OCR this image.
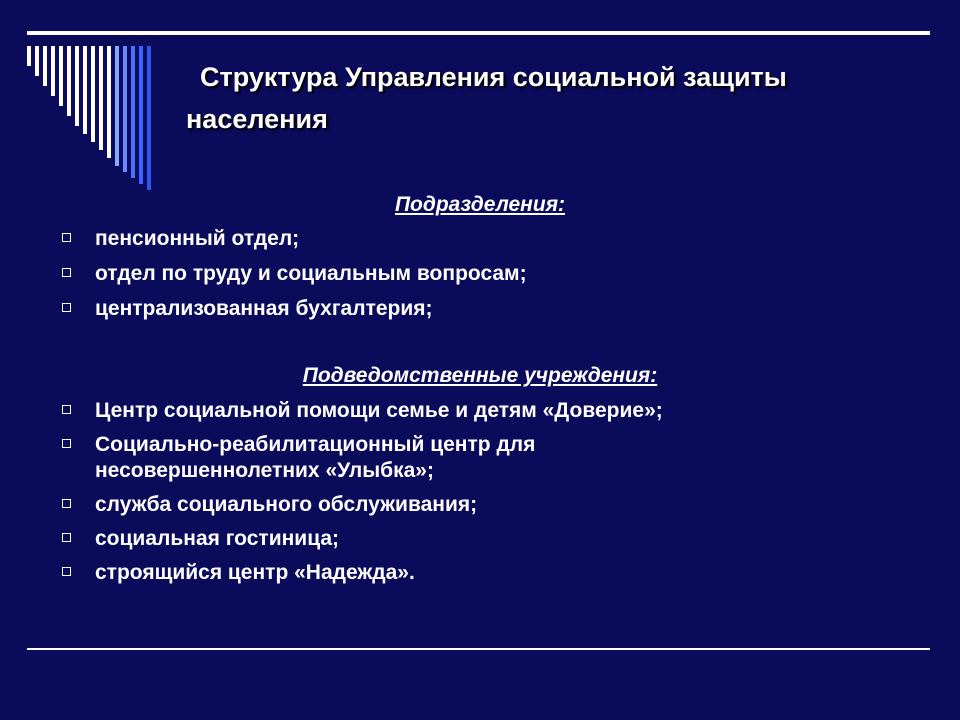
Структура Управления социальной защиты
населения
Подразделения:
пенсионный отдел;
отдел по труду и социальным вопросам;
централизованная бухгалтерия;
Подведомственные учреждения:
Центр социальной помощи семье и детям «Доверие»;
Социально-реабилитационный центр для несовершеннолетних «Улыбка»;
служба социального обслуживания;
социальная гостиница;
строящийся центр «Надежда».
